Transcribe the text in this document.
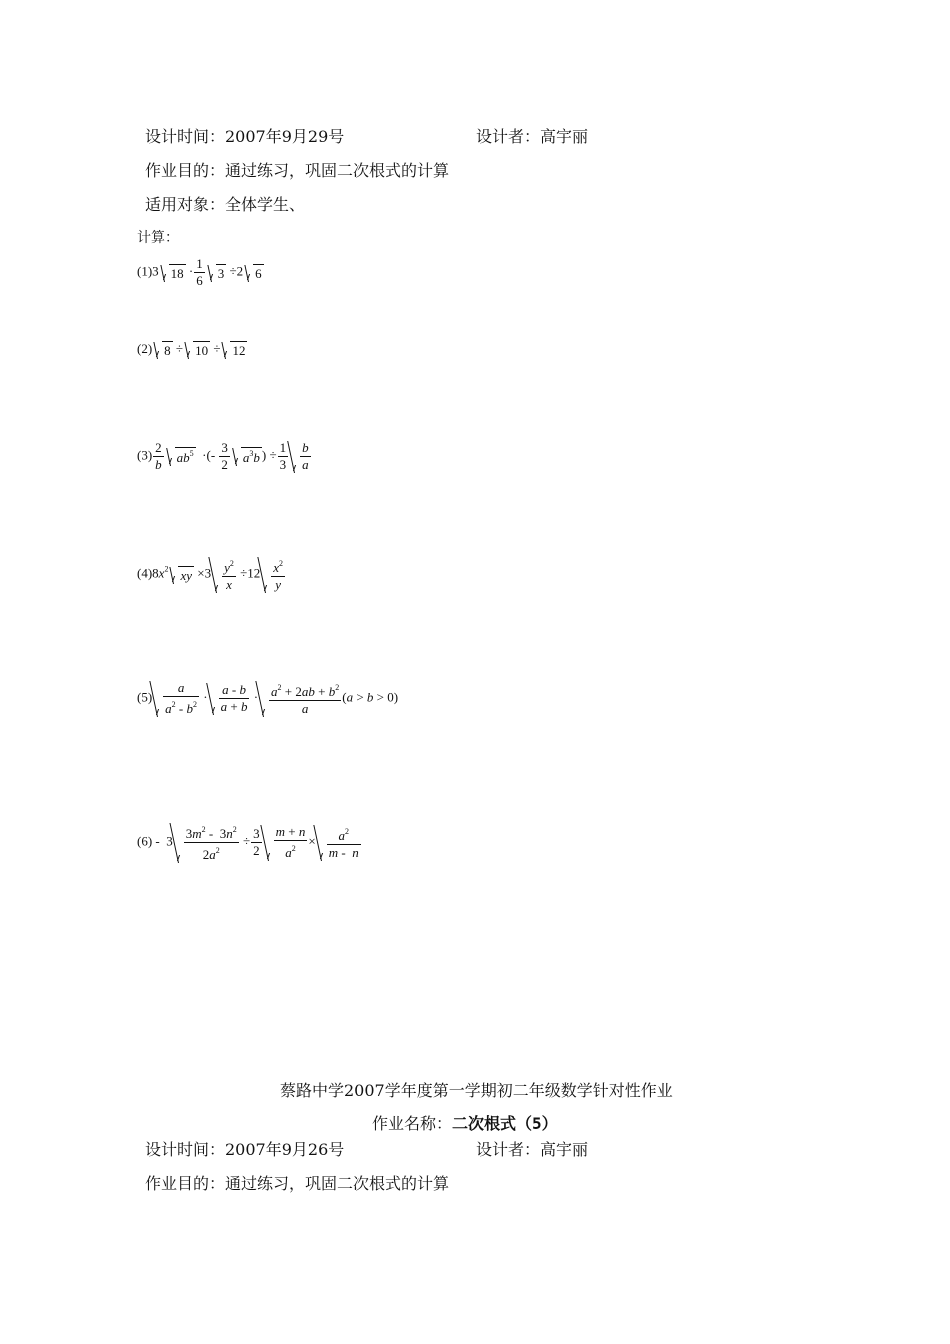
设计时间：2007年9月29号	设计者：高宇丽
作业目的：通过练习，巩固二次根式的计算
适用对象：全体学生、
计算：
(1)3 $18 \cdot \frac{1}{6} 3 \div 2$ 6
(2) 8 ÷ 10 ÷ 12
$(3) \frac{2}{b} ab^5$  ·(- $\frac{3}{2} a^3b$ ) ÷ $\frac{1}{3} \frac{b}{a}$
$(4)8x^2$ xy $\times 3 \frac{y^2}{x} \div 12 \frac{x^2}{y}$
$(5) \frac{a}{a^2 - b^2} \cdot \frac{a - b}{a + b} \cdot \frac{a^2 + 2ab + b^2}{a} (a > b > 0)$
$(6) - 3 \frac{3m^2 - 3n^2}{2a^2} \div \frac{3}{2} \frac{m + n}{a^2} \times \frac{a^2}{m - n}$
蔡路中学2007学年度第一学期初二年级数学针对性作业
作业名称：二次根式（5）
设计时间：2007年9月26号	设计者：高宇丽
作业目的：通过练习，巩固二次根式的计算
